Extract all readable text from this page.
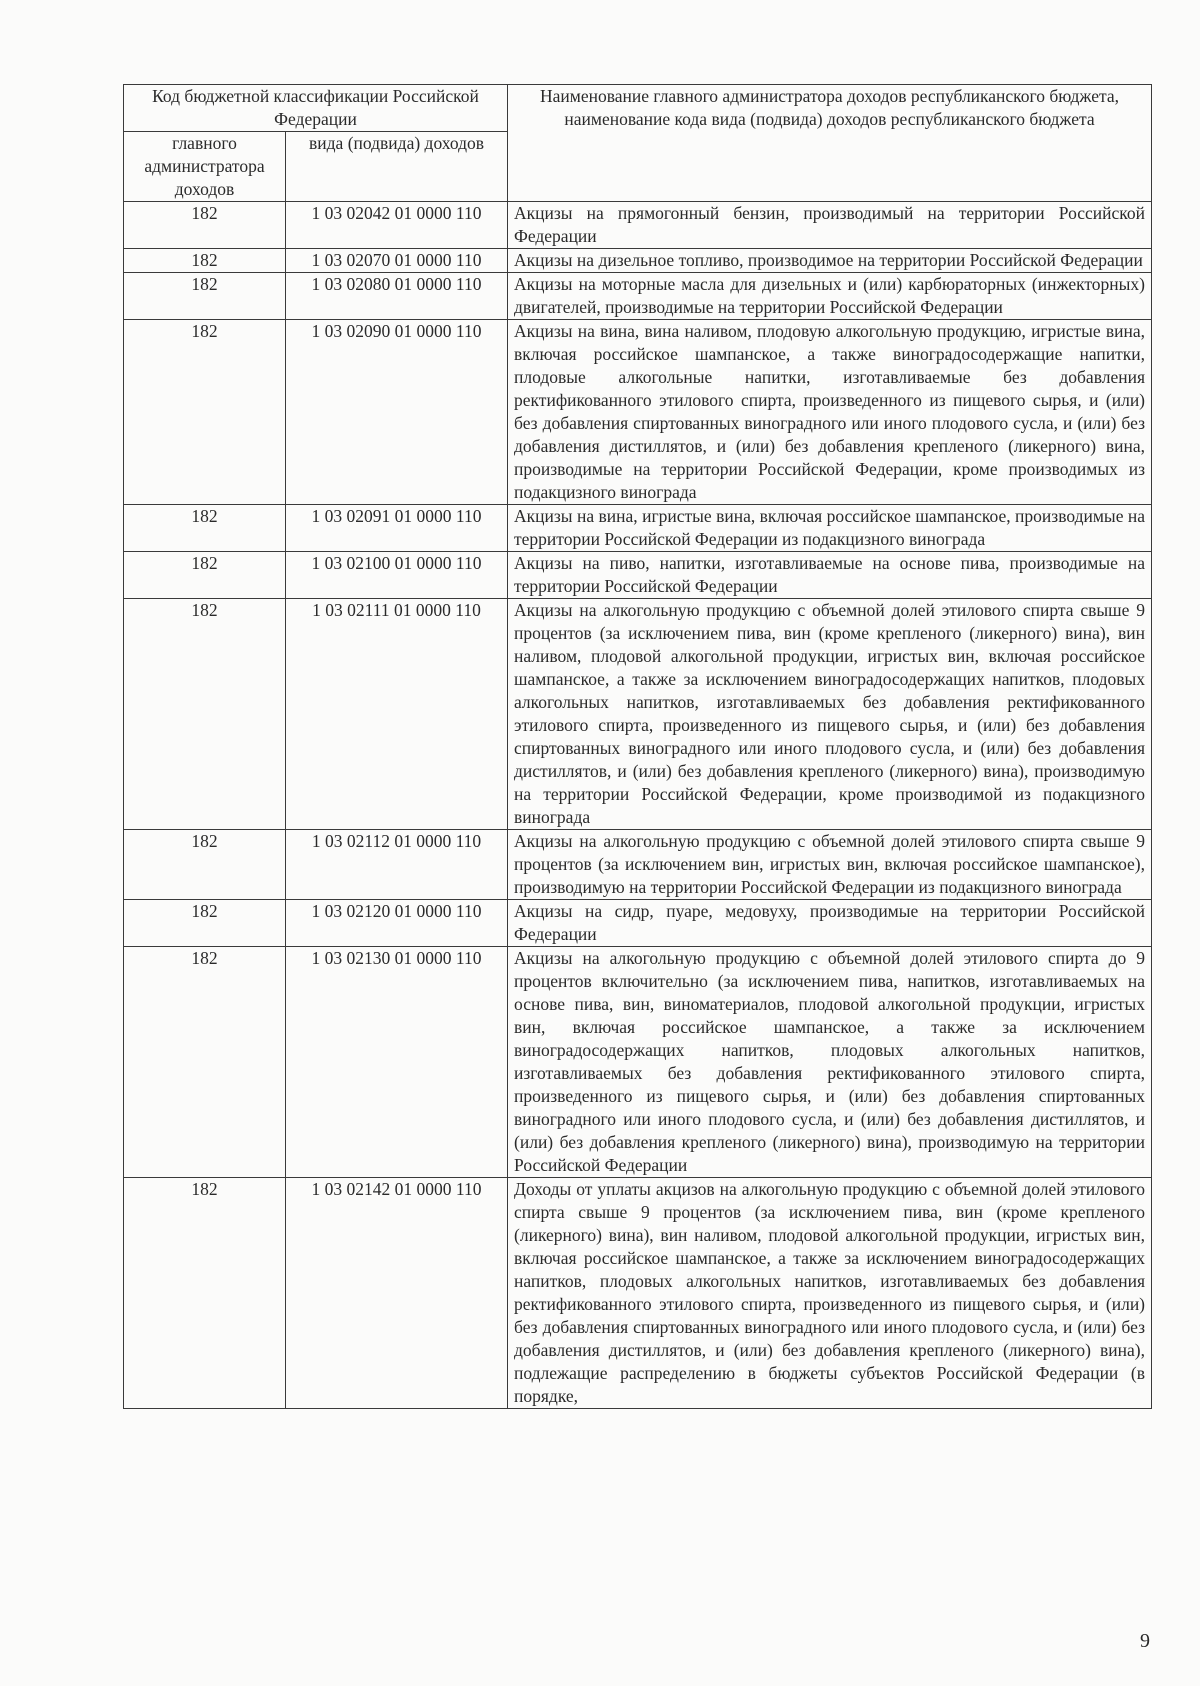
Код бюджетной классификации Российской Федерации		Наименование главного администратора доходов республиканского бюджета, наименование кода вида (подвида) доходов республиканского бюджета
главного администратора доходов	вида (подвида) доходов	
182	1 03 02042 01 0000 110	Акцизы на прямогонный бензин, производимый на территории Российской Федерации
182	1 03 02070 01 0000 110	Акцизы на дизельное топливо, производимое на территории Российской Федерации
182	1 03 02080 01 0000 110	Акцизы на моторные масла для дизельных и (или) карбюраторных (инжекторных) двигателей, производимые на территории Российской Федерации
182	1 03 02090 01 0000 110	Акцизы на вина, вина наливом, плодовую алкогольную продукцию, игристые вина, включая российское шампанское, а также виноградосодержащие напитки, плодовые алкогольные напитки, изготавливаемые без добавления ректификованного этилового спирта, произведенного из пищевого сырья, и (или) без добавления спиртованных виноградного или иного плодового сусла, и (или) без добавления дистиллятов, и (или) без добавления крепленого (ликерного) вина, производимые на территории Российской Федерации, кроме производимых из подакцизного винограда
182	1 03 02091 01 0000 110	Акцизы на вина, игристые вина, включая российское шампанское, производимые на территории Российской Федерации из подакцизного винограда
182	1 03 02100 01 0000 110	Акцизы на пиво, напитки, изготавливаемые на основе пива, производимые на территории Российской Федерации
182	1 03 02111 01 0000 110	Акцизы на алкогольную продукцию с объемной долей этилового спирта свыше 9 процентов (за исключением пива, вин (кроме крепленого (ликерного) вина), вин наливом, плодовой алкогольной продукции, игристых вин, включая российское шампанское, а также за исключением виноградосодержащих напитков, плодовых алкогольных напитков, изготавливаемых без добавления ректификованного этилового спирта, произведенного из пищевого сырья, и (или) без добавления спиртованных виноградного или иного плодового сусла, и (или) без добавления дистиллятов, и (или) без добавления крепленого (ликерного) вина), производимую на территории Российской Федерации, кроме производимой из подакцизного винограда
182	1 03 02112 01 0000 110	Акцизы на алкогольную продукцию с объемной долей этилового спирта свыше 9 процентов (за исключением вин, игристых вин, включая российское шампанское), производимую на территории Российской Федерации из подакцизного винограда
182	1 03 02120 01 0000 110	Акцизы на сидр, пуаре, медовуху, производимые на территории Российской Федерации
182	1 03 02130 01 0000 110	Акцизы на алкогольную продукцию с объемной долей этилового спирта до 9 процентов включительно (за исключением пива, напитков, изготавливаемых на основе пива, вин, виноматериалов, плодовой алкогольной продукции, игристых вин, включая российское шампанское, а также за исключением виноградосодержащих напитков, плодовых алкогольных напитков, изготавливаемых без добавления ректификованного этилового спирта, произведенного из пищевого сырья, и (или) без добавления спиртованных виноградного или иного плодового сусла, и (или) без добавления дистиллятов, и (или) без добавления крепленого (ликерного) вина), производимую на территории Российской Федерации
182	1 03 02142 01 0000 110	Доходы от уплаты акцизов на алкогольную продукцию с объемной долей этилового спирта свыше 9 процентов (за исключением пива, вин (кроме крепленого (ликерного) вина), вин наливом, плодовой алкогольной продукции, игристых вин, включая российское шампанское, а также за исключением виноградосодержащих напитков, плодовых алкогольных напитков, изготавливаемых без добавления ректификованного этилового спирта, произведенного из пищевого сырья, и (или) без добавления спиртованных виноградного или иного плодового сусла, и (или) без добавления дистиллятов, и (или) без добавления крепленого (ликерного) вина), подлежащие распределению в бюджеты субъектов Российской Федерации (в порядке,
9
